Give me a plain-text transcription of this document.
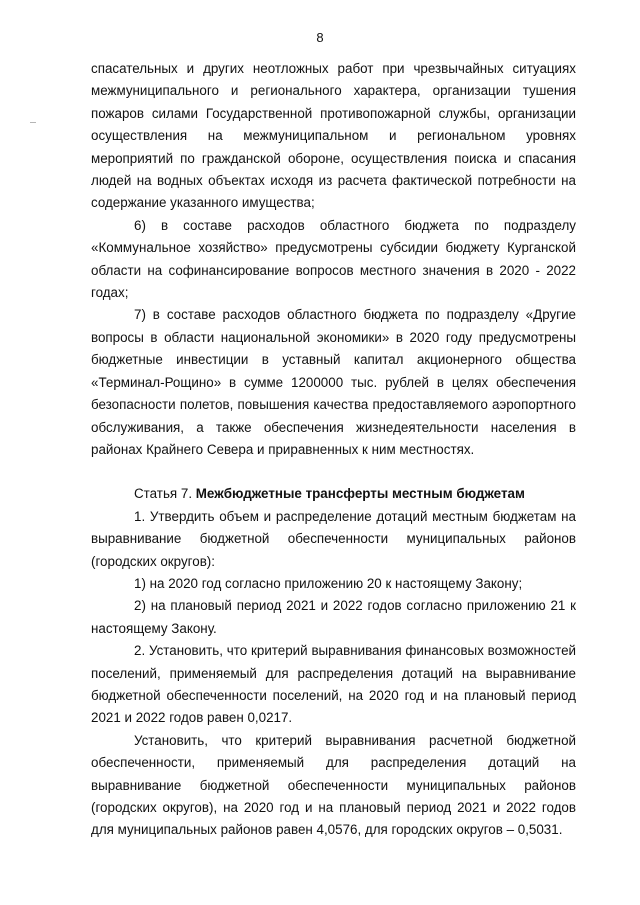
8

спасательных и других неотложных работ при чрезвычайных ситуациях межмуниципального и регионального характера, организации тушения пожаров силами Государственной противопожарной службы, организации осуществления на межмуниципальном и региональном уровнях мероприятий по гражданской обороне, осуществления поиска и спасания людей на водных объектах исходя из расчета фактической потребности на содержание указанного имущества;

6) в составе расходов областного бюджета по подразделу «Коммунальное хозяйство» предусмотрены субсидии бюджету Курганской области на софинансирование вопросов местного значения в 2020 - 2022 годах;

7) в составе расходов областного бюджета по подразделу «Другие вопросы в области национальной экономики» в 2020 году предусмотрены бюджетные инвестиции в уставный капитал акционерного общества «Терминал-Рощино» в сумме 1200000 тыс. рублей в целях обеспечения безопасности полетов, повышения качества предоставляемого аэропортного обслуживания, а также обеспечения жизнедеятельности населения в районах Крайнего Севера и приравненных к ним местностях.

Статья 7. Межбюджетные трансферты местным бюджетам

1. Утвердить объем и распределение дотаций местным бюджетам на выравнивание бюджетной обеспеченности муниципальных районов (городских округов):

1) на 2020 год согласно приложению 20 к настоящему Закону;

2) на плановый период 2021 и 2022 годов согласно приложению 21 к настоящему Закону.

2. Установить, что критерий выравнивания финансовых возможностей поселений, применяемый для распределения дотаций на выравнивание бюджетной обеспеченности поселений, на 2020 год и на плановый период 2021 и 2022 годов равен 0,0217.

Установить, что критерий выравнивания расчетной бюджетной обеспеченности, применяемый для распределения дотаций на выравнивание бюджетной обеспеченности муниципальных районов (городских округов), на 2020 год и на плановый период 2021 и 2022 годов для муниципальных районов равен 4,0576, для городских округов – 0,5031.
